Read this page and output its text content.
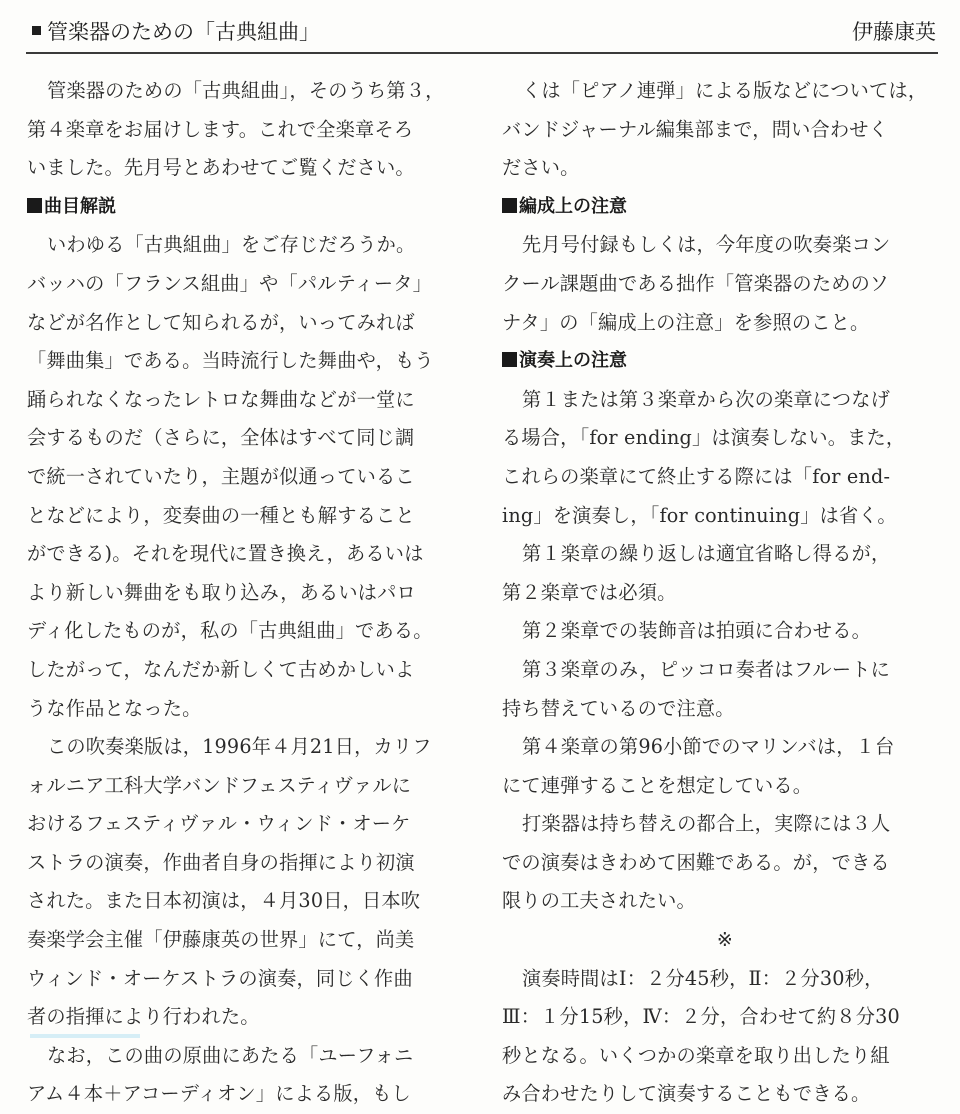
管楽器のための「古典組曲」	伊藤康英
管楽器のための「古典組曲」，そのうち第３，
第４楽章をお届けします。これで全楽章そろ
いました。先月号とあわせてご覧ください。
曲目解説
いわゆる「古典組曲」をご存じだろうか。
バッハの「フランス組曲」や「パルティータ」
などが名作として知られるが，いってみれば
「舞曲集」である。当時流行した舞曲や，もう
踊られなくなったレトロな舞曲などが一堂に
会するものだ（さらに，全体はすべて同じ調
で統一されていたり，主題が似通っているこ
となどにより，変奏曲の一種とも解すること
ができる)。それを現代に置き換え，あるいは
より新しい舞曲をも取り込み，あるいはパロ
ディ化したものが，私の「古典組曲」である。
したがって，なんだか新しくて古めかしいよ
うな作品となった。
この吹奏楽版は，1996年４月21日，カリフ
ォルニア工科大学バンドフェスティヴァルに
おけるフェスティヴァル・ウィンド・オーケ
ストラの演奏，作曲者自身の指揮により初演
された。また日本初演は，４月30日，日本吹
奏楽学会主催「伊藤康英の世界」にて，尚美
ウィンド・オーケストラの演奏，同じく作曲
者の指揮により行われた。
なお，この曲の原曲にあたる「ユーフォニ
アム４本＋アコーディオン」による版，もし
くは「ピアノ連弾」による版などについては，
バンドジャーナル編集部まで，問い合わせく
ださい。
編成上の注意
先月号付録もしくは，今年度の吹奏楽コン
クール課題曲である拙作「管楽器のためのソ
ナタ」の「編成上の注意」を参照のこと。
演奏上の注意
第１または第３楽章から次の楽章につなげ
る場合，「for ending」は演奏しない。また，
これらの楽章にて終止する際には「for end-
ing」を演奏し，「for continuing」は省く。
第１楽章の繰り返しは適宜省略し得るが，
第２楽章では必須。
第２楽章での装飾音は拍頭に合わせる。
第３楽章のみ，ピッコロ奏者はフルートに
持ち替えているので注意。
第４楽章の第96小節でのマリンバは，１台
にて連弾することを想定している。
打楽器は持ち替えの都合上，実際には３人
での演奏はきわめて困難である。が，できる
限りの工夫されたい。
※
演奏時間はⅠ：２分45秒，Ⅱ：２分30秒，
Ⅲ：１分15秒，Ⅳ：２分，合わせて約８分30
秒となる。いくつかの楽章を取り出したり組
み合わせたりして演奏することもできる。
